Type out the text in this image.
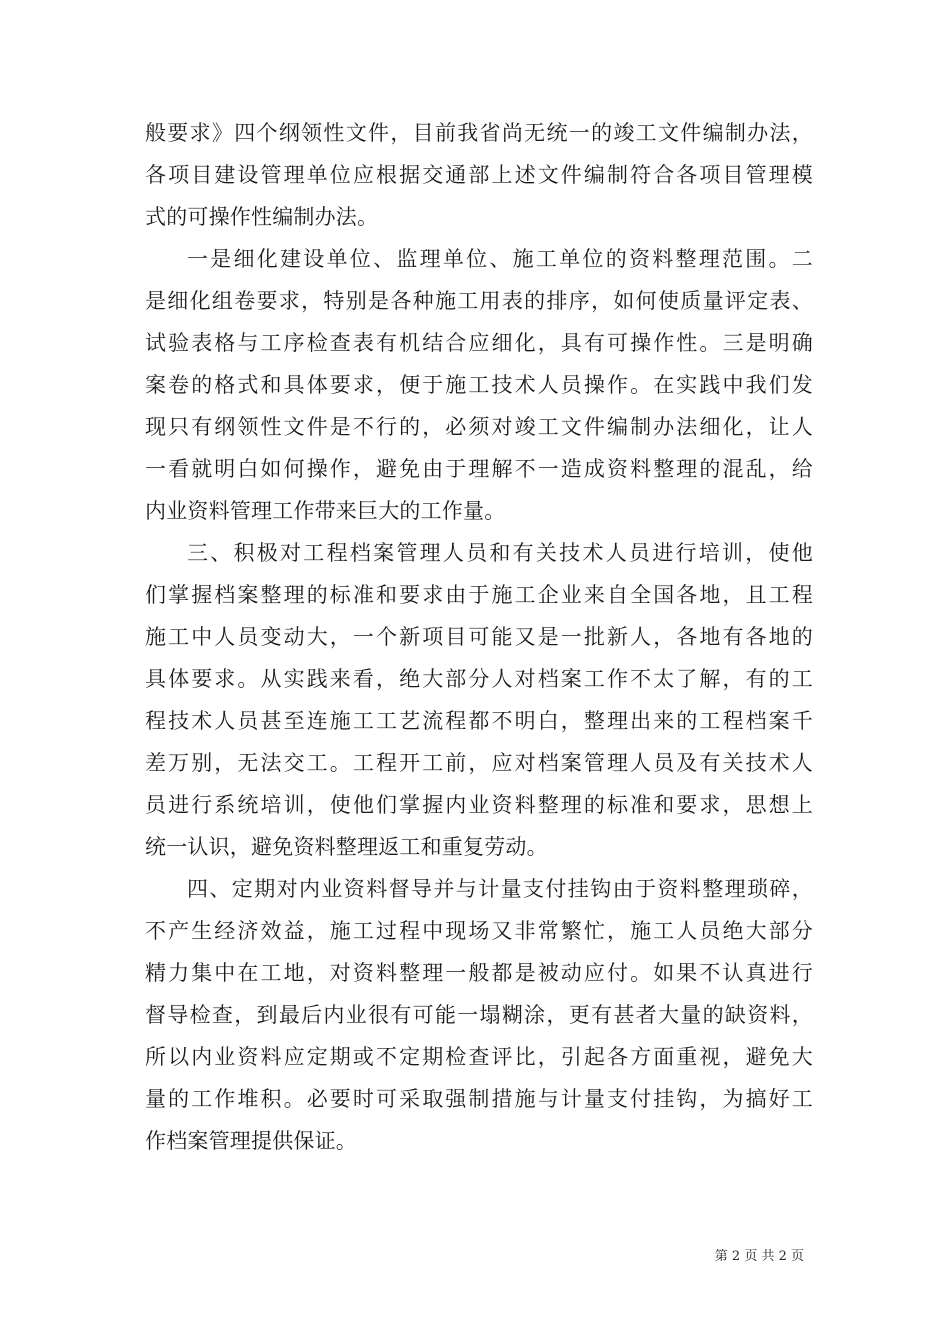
般要求》四个纲领性文件，目前我省尚无统一的竣工文件编制办法，
各项目建设管理单位应根据交通部上述文件编制符合各项目管理模
式的可操作性编制办法。
一是细化建设单位、监理单位、施工单位的资料整理范围。二
是细化组卷要求，特别是各种施工用表的排序，如何使质量评定表、
试验表格与工序检查表有机结合应细化，具有可操作性。三是明确
案卷的格式和具体要求，便于施工技术人员操作。在实践中我们发
现只有纲领性文件是不行的，必须对竣工文件编制办法细化，让人
一看就明白如何操作，避免由于理解不一造成资料整理的混乱，给
内业资料管理工作带来巨大的工作量。
三、积极对工程档案管理人员和有关技术人员进行培训，使他
们掌握档案整理的标准和要求由于施工企业来自全国各地，且工程
施工中人员变动大，一个新项目可能又是一批新人，各地有各地的
具体要求。从实践来看，绝大部分人对档案工作不太了解，有的工
程技术人员甚至连施工工艺流程都不明白，整理出来的工程档案千
差万别，无法交工。工程开工前，应对档案管理人员及有关技术人
员进行系统培训，使他们掌握内业资料整理的标准和要求，思想上
统一认识，避免资料整理返工和重复劳动。
四、定期对内业资料督导并与计量支付挂钩由于资料整理琐碎，
不产生经济效益，施工过程中现场又非常繁忙，施工人员绝大部分
精力集中在工地，对资料整理一般都是被动应付。如果不认真进行
督导检查，到最后内业很有可能一塌糊涂，更有甚者大量的缺资料，
所以内业资料应定期或不定期检查评比，引起各方面重视，避免大
量的工作堆积。必要时可采取强制措施与计量支付挂钩，为搞好工
作档案管理提供保证。
第 2 页 共 2 页
